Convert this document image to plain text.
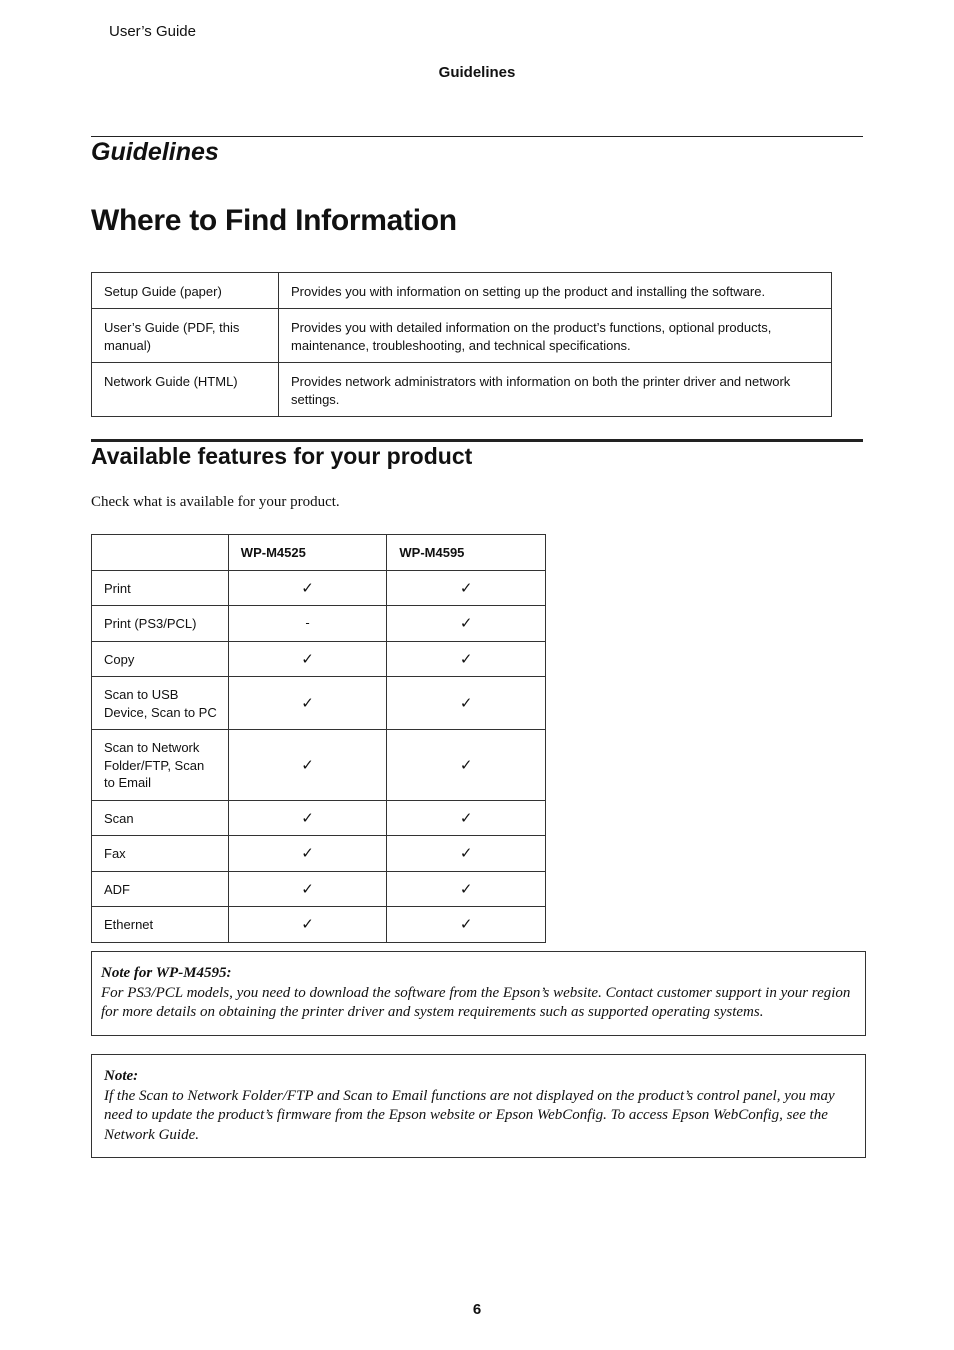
User’s Guide
Guidelines
Guidelines
Where to Find Information
Setup Guide (paper)	Provides you with information on setting up the product and installing the software.
User’s Guide (PDF, this manual)	Provides you with detailed information on the product’s functions, optional products, maintenance, troubleshooting, and technical specifications.
Network Guide (HTML)	Provides network administrators with information on both the printer driver and network settings.
Available features for your product

Check what is available for your product.

	WP-M4525	WP-M4595
Print	✓	✓
Print (PS3/PCL)	-	✓
Copy	✓	✓
Scan to USB Device, Scan to PC	✓	✓
Scan to Network Folder/FTP, Scan to Email	✓	✓
Scan	✓	✓
Fax	✓	✓
ADF	✓	✓
Ethernet	✓	✓
Note for WP-M4595:
For PS3/PCL models, you need to download the software from the Epson’s website. Contact customer support in your region for more details on obtaining the printer driver and system requirements such as supported operating systems.
Note:
If the Scan to Network Folder/FTP and Scan to Email functions are not displayed on the product’s control panel, you may need to update the product’s firmware from the Epson website or Epson WebConfig. To access Epson WebConfig, see the Network Guide.
6
